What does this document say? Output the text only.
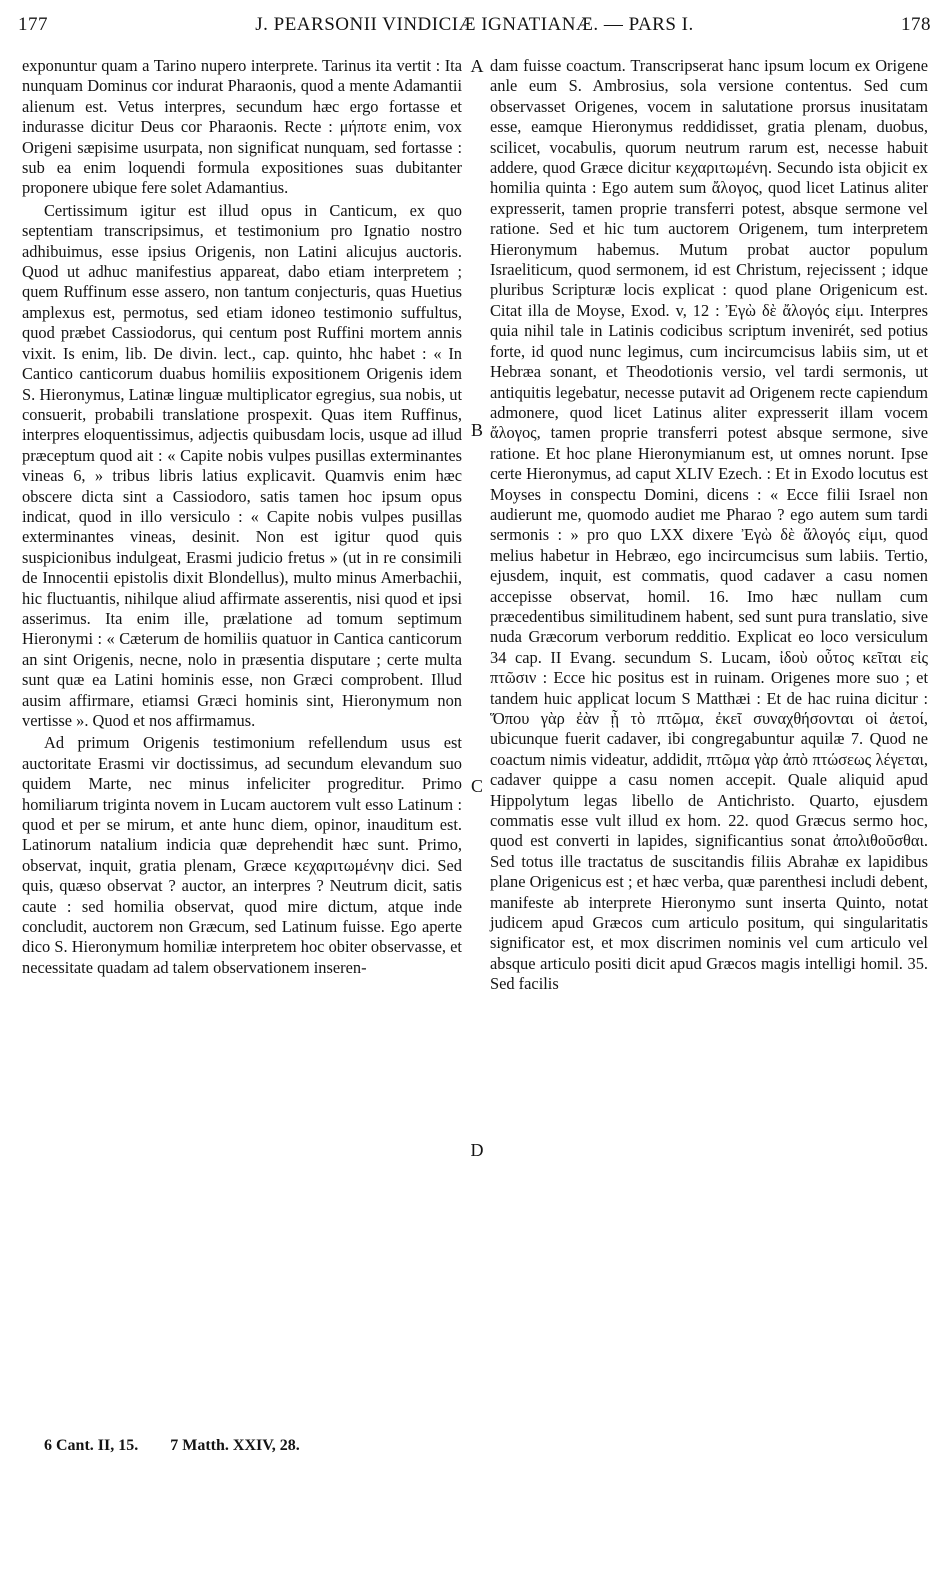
177	J. PEARSONII VINDICIÆ IGNATIANÆ. — PARS I.	178

exponuntur quam a Tarino nupero interprete. Tarinus ita vertit : Ita nunquam Dominus cor indurat Pharaonis, quod a mente Adamantii alienum est. Vetus interpres, secundum hæc ergo fortasse et indurasse dicitur Deus cor Pharaonis. Recte : μήποτε enim, vox Origeni sæpisime usurpata, non significat nunquam, sed fortasse : sub ea enim loquendi formula expositiones suas dubitanter proponere ubique fere solet Adamantius.

Certissimum igitur est illud opus in Canticum, ex quo septentiam transcripsimus, et testimonium pro Ignatio nostro adhibuimus, esse ipsius Origenis, non Latini alicujus auctoris. Quod ut adhuc manifestius appareat, dabo etiam interpretem ; quem Ruffinum esse assero, non tantum conjecturis, quas Huetius amplexus est, permotus, sed etiam idoneo testimonio suffultus, quod præbet Cassiodorus, qui centum post Ruffini mortem annis vixit. Is enim, lib. De divin. lect., cap. quinto, hhc habet : « In Cantico canticorum duabus homiliis expositionem Origenis idem S. Hieronymus, Latinæ linguæ multiplicator egregius, sua nobis, ut consuerit, probabili translatione prospexit. Quas item Ruffinus, interpres eloquentissimus, adjectis quibusdam locis, usque ad illud præceptum quod ait : « Capite nobis vulpes pusillas exterminantes vineas 6, » tribus libris latius explicavit. Quamvis enim hæc obscere dicta sint a Cassiodoro, satis tamen hoc ipsum opus indicat, quod in illo versiculo : « Capite nobis vulpes pusillas exterminantes vineas, desinit. Non est igitur quod quis suspicionibus indulgeat, Erasmi judicio fretus » (ut in re consimili de Innocentii epistolis dixit Blondellus), multo minus Amerbachii, hic fluctuantis, nihilque aliud affirmate asserentis, nisi quod et ipsi asserimus. Ita enim ille, prælatione ad tomum septimum Hieronymi : « Cæterum de homiliis quatuor in Cantica canticorum an sint Origenis, necne, nolo in præsentia disputare ; certe multa sunt quæ ea Latini hominis esse, non Græci comprobent. Illud ausim affirmare, etiamsi Græci hominis sint, Hieronymum non vertisse ». Quod et nos affirmamus.

Ad primum Origenis testimonium refellendum usus est auctoritate Erasmi vir doctissimus, ad secundum elevandum suo quidem Marte, nec minus infeliciter progreditur. Primo homiliarum triginta novem in Lucam auctorem vult esso Latinum : quod et per se mirum, et ante hunc diem, opinor, inauditum est. Latinorum natalium indicia quæ deprehendit hæc sunt. Primo, observat, inquit, gratia plenam, Græce κεχαριτωμένην dici. Sed quis, quæso observat ? auctor, an interpres ? Neutrum dicit, satis caute : sed homilia observat, quod mire dictum, atque inde concludit, auctorem non Græcum, sed Latinum fuisse. Ego aperte dico S. Hieronymum homiliæ interpretem hoc obiter observasse, et necessitate quadam ad talem observationem inseren-

A
B
C
D

dam fuisse coactum. Transcripserat hanc ipsum locum ex Origene anle eum S. Ambrosius, sola versione contentus. Sed cum observasset Origenes, vocem in salutatione prorsus inusitatam esse, eamque Hieronymus reddidisset, gratia plenam, duobus, scilicet, vocabulis, quorum neutrum rarum est, necesse habuit addere, quod Græce dicitur κεχαριτωμένη. Secundo ista objicit ex homilia quinta : Ego autem sum ἄλογος, quod licet Latinus aliter expresserit, tamen proprie transferri potest, absque sermone vel ratione. Sed et hic tum auctorem Origenem, tum interpretem Hieronymum habemus. Mutum probat auctor populum Israeliticum, quod sermonem, id est Christum, rejecissent ; idque pluribus Scripturæ locis explicat : quod plane Origenicum est. Citat illa de Moyse, Exod. v, 12 : Ἐγὼ δὲ ἄλογός εἰμι. Interpres quia nihil tale in Latinis codicibus scriptum invenirét, sed potius forte, id quod nunc legimus, cum incircumcisus labiis sim, ut et Hebræa sonant, et Theodotionis versio, vel tardi sermonis, ut antiquitis legebatur, necesse putavit ad Origenem recte capiendum admonere, quod licet Latinus aliter expresserit illam vocem ἄλογος, tamen proprie transferri potest absque sermone, sive ratione. Et hoc plane Hieronymianum est, ut omnes norunt. Ipse certe Hieronymus, ad caput XLIV Ezech. : Et in Exodo locutus est Moyses in conspectu Domini, dicens : « Ecce filii Israel non audierunt me, quomodo audiet me Pharao ? ego autem sum tardi sermonis : » pro quo LXX dixere Ἐγὼ δὲ ἄλογός εἰμι, quod melius habetur in Hebræo, ego incircumcisus sum labiis. Tertio, ejusdem, inquit, est commatis, quod cadaver a casu nomen accepisse observat, homil. 16. Imo hæc nullam cum præcedentibus similitudinem habent, sed sunt pura translatio, sive nuda Græcorum verborum redditio. Explicat eo loco versiculum 34 cap. II Evang. secundum S. Lucam, ἰδοὺ οὗτος κεῖται εἰς πτῶσιν : Ecce hic positus est in ruinam. Origenes more suo ; et tandem huic applicat locum S Matthæi : Et de hac ruina dicitur : Ὅπου γὰρ ἐὰν ᾖ τὸ πτῶμα, ἐκεῖ συναχθήσονται οἱ ἀετοί, ubicunque fuerit cadaver, ibi congregabuntur aquilæ 7. Quod ne coactum nimis videatur, addidit, πτῶμα γὰρ ἀπὸ πτώσεως λέγεται, cadaver quippe a casu nomen accepit. Quale aliquid apud Hippolytum legas libello de Antichristo. Quarto, ejusdem commatis esse vult illud ex hom. 22. quod Græcus sermo hoc, quod est converti in lapides, significantius sonat ἀπολιθοῦσθαι. Sed totus ille tractatus de suscitandis filiis Abrahæ ex lapidibus plane Origenicus est ; et hæc verba, quæ parenthesi includi debent, manifeste ab interprete Hieronymo sunt inserta Quinto, notat judicem apud Græcos cum articulo positum, qui singularitatis significator est, et mox discrimen nominis vel cum articulo vel absque articulo positi dicit apud Græcos magis intelligi homil. 35. Sed facilis

6 Cant. II, 15. 7 Matth. XXIV, 28.
